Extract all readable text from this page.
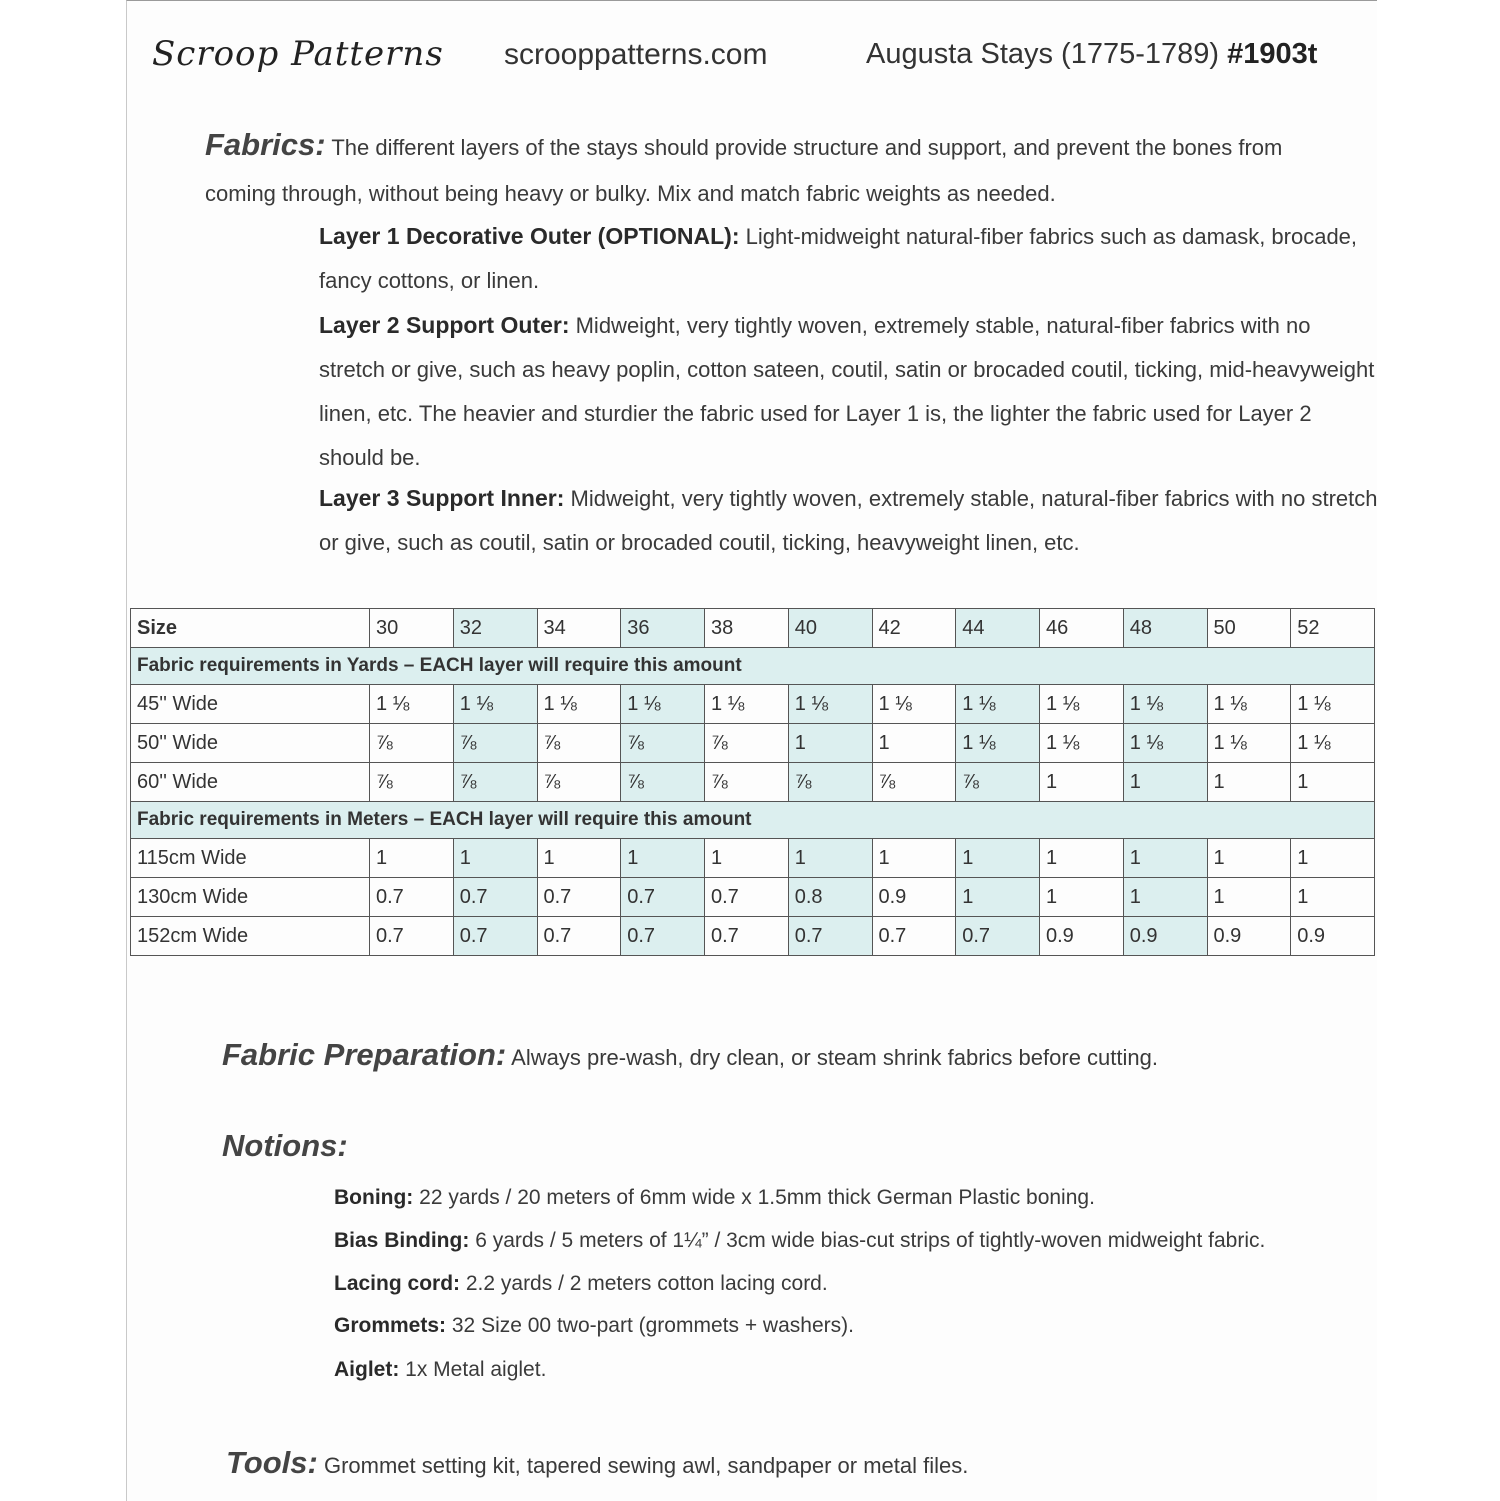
Scroop Patterns scrooppatterns.com	Augusta Stays (1775-1789) #1903t
Fabrics: The different layers of the stays should provide structure and support, and prevent the bones from coming through, without being heavy or bulky. Mix and match fabric weights as needed.
Layer 1 Decorative Outer (OPTIONAL): Light-midweight natural-fiber fabrics such as damask, brocade, fancy cottons, or linen.
Layer 2 Support Outer: Midweight, very tightly woven, extremely stable, natural-fiber fabrics with no stretch or give, such as heavy poplin, cotton sateen, coutil, satin or brocaded coutil, ticking, mid-heavyweight linen, etc. The heavier and sturdier the fabric used for Layer 1 is, the lighter the fabric used for Layer 2 should be.
Layer 3 Support Inner: Midweight, very tightly woven, extremely stable, natural-fiber fabrics with no stretch or give, such as coutil, satin or brocaded coutil, ticking, heavyweight linen, etc.
Size	30	32	34	36	38	40	42	44	46	48	50	52
Fabric requirements in Yards – EACH layer will require this amount												
45'' Wide	1 ⅛	1 ⅛	1 ⅛	1 ⅛	1 ⅛	1 ⅛	1 ⅛	1 ⅛	1 ⅛	1 ⅛	1 ⅛	1 ⅛
50'' Wide	⅞	⅞	⅞	⅞	⅞	1	1	1 ⅛	1 ⅛	1 ⅛	1 ⅛	1 ⅛
60'' Wide	⅞	⅞	⅞	⅞	⅞	⅞	⅞	⅞	1	1	1	1
Fabric requirements in Meters – EACH layer will require this amount												
115cm Wide	1	1	1	1	1	1	1	1	1	1	1	1
130cm Wide	0.7	0.7	0.7	0.7	0.7	0.8	0.9	1	1	1	1	1
152cm Wide	0.7	0.7	0.7	0.7	0.7	0.7	0.7	0.7	0.9	0.9	0.9	0.9
Fabric Preparation: Always pre-wash, dry clean, or steam shrink fabrics before cutting.
Notions:
Boning: 22 yards / 20 meters of 6mm wide x 1.5mm thick German Plastic boning.
Bias Binding: 6 yards / 5 meters of 1¼” / 3cm wide bias-cut strips of tightly-woven midweight fabric.
Lacing cord: 2.2 yards / 2 meters cotton lacing cord.
Grommets: 32 Size 00 two-part (grommets + washers).
Aiglet: 1x Metal aiglet.
Tools: Grommet setting kit, tapered sewing awl, sandpaper or metal files.
